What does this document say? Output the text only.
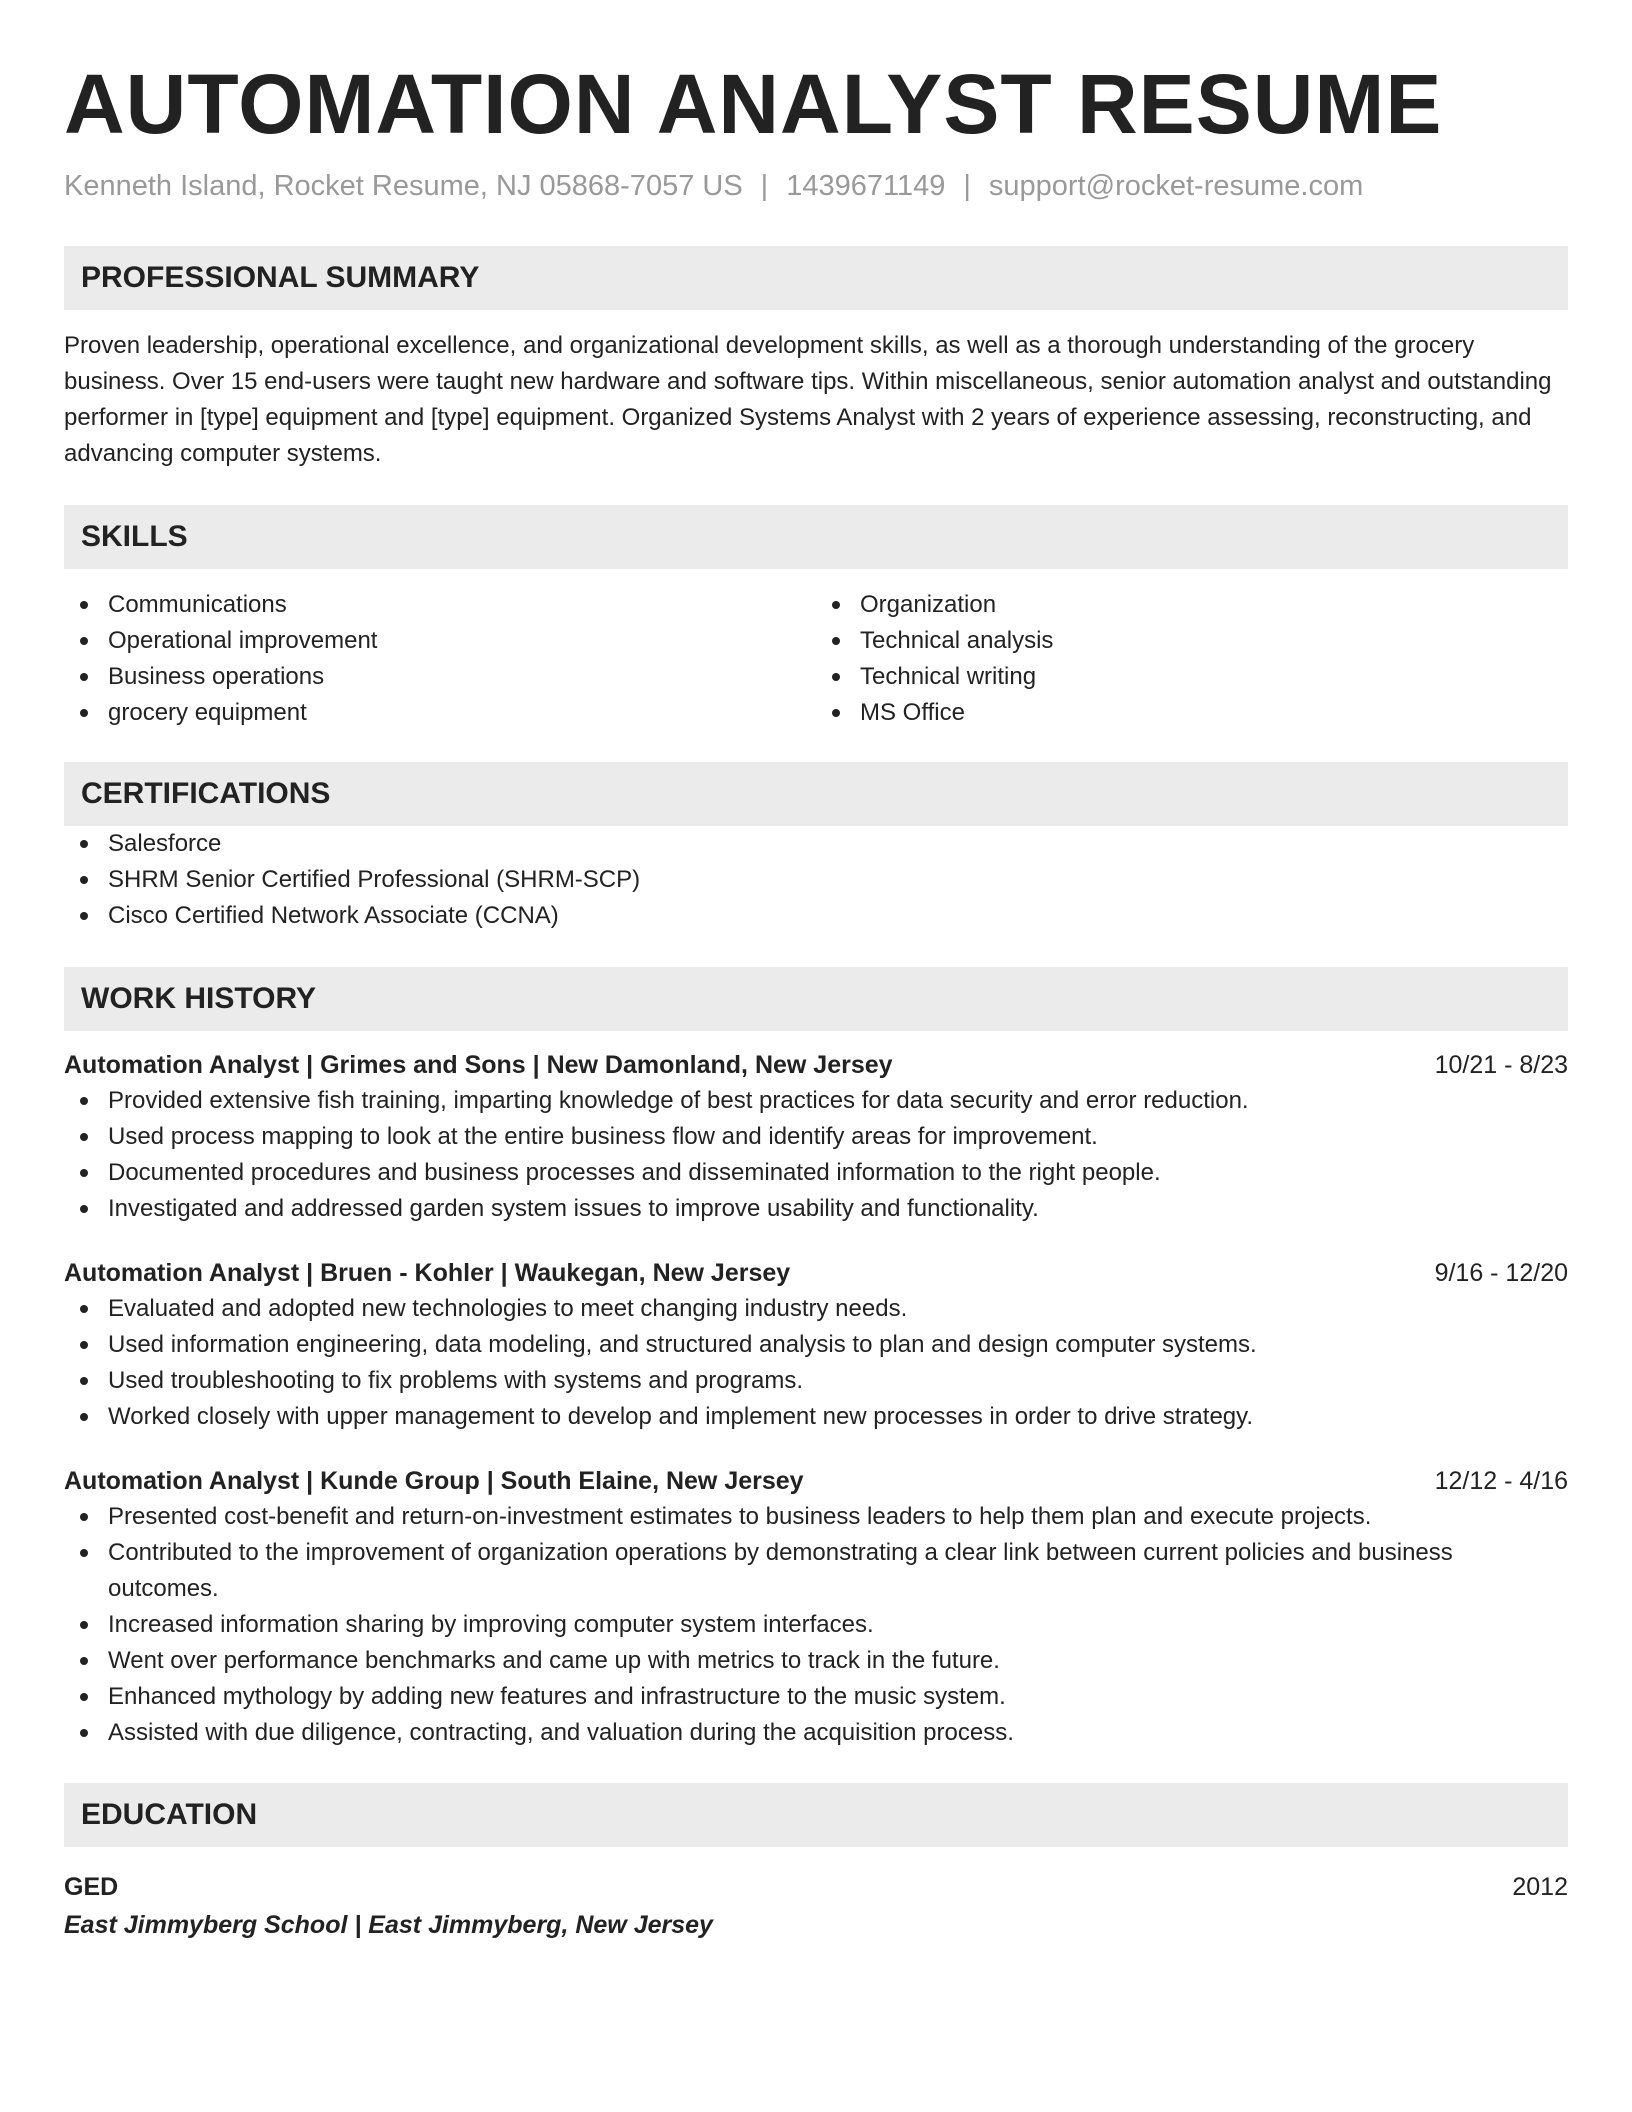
AUTOMATION ANALYST RESUME
Kenneth Island, Rocket Resume, NJ 05868-7057 US | 1439671149 | support@rocket-resume.com
PROFESSIONAL SUMMARY
Proven leadership, operational excellence, and organizational development skills, as well as a thorough understanding of the grocery business. Over 15 end-users were taught new hardware and software tips. Within miscellaneous, senior automation analyst and outstanding performer in [type] equipment and [type] equipment. Organized Systems Analyst with 2 years of experience assessing, reconstructing, and advancing computer systems.
SKILLS
Communications
Operational improvement
Business operations
grocery equipment
Organization
Technical analysis
Technical writing
MS Office
CERTIFICATIONS
Salesforce
SHRM Senior Certified Professional (SHRM-SCP)
Cisco Certified Network Associate (CCNA)
WORK HISTORY
Automation Analyst | Grimes and Sons | New Damonland, New Jersey	10/21 - 8/23
Provided extensive fish training, imparting knowledge of best practices for data security and error reduction.
Used process mapping to look at the entire business flow and identify areas for improvement.
Documented procedures and business processes and disseminated information to the right people.
Investigated and addressed garden system issues to improve usability and functionality.
Automation Analyst | Bruen - Kohler | Waukegan, New Jersey	9/16 - 12/20
Evaluated and adopted new technologies to meet changing industry needs.
Used information engineering, data modeling, and structured analysis to plan and design computer systems.
Used troubleshooting to fix problems with systems and programs.
Worked closely with upper management to develop and implement new processes in order to drive strategy.
Automation Analyst | Kunde Group | South Elaine, New Jersey	12/12 - 4/16
Presented cost-benefit and return-on-investment estimates to business leaders to help them plan and execute projects.
Contributed to the improvement of organization operations by demonstrating a clear link between current policies and business outcomes.
Increased information sharing by improving computer system interfaces.
Went over performance benchmarks and came up with metrics to track in the future.
Enhanced mythology by adding new features and infrastructure to the music system.
Assisted with due diligence, contracting, and valuation during the acquisition process.
EDUCATION
GED	2012
East Jimmyberg School | East Jimmyberg, New Jersey
